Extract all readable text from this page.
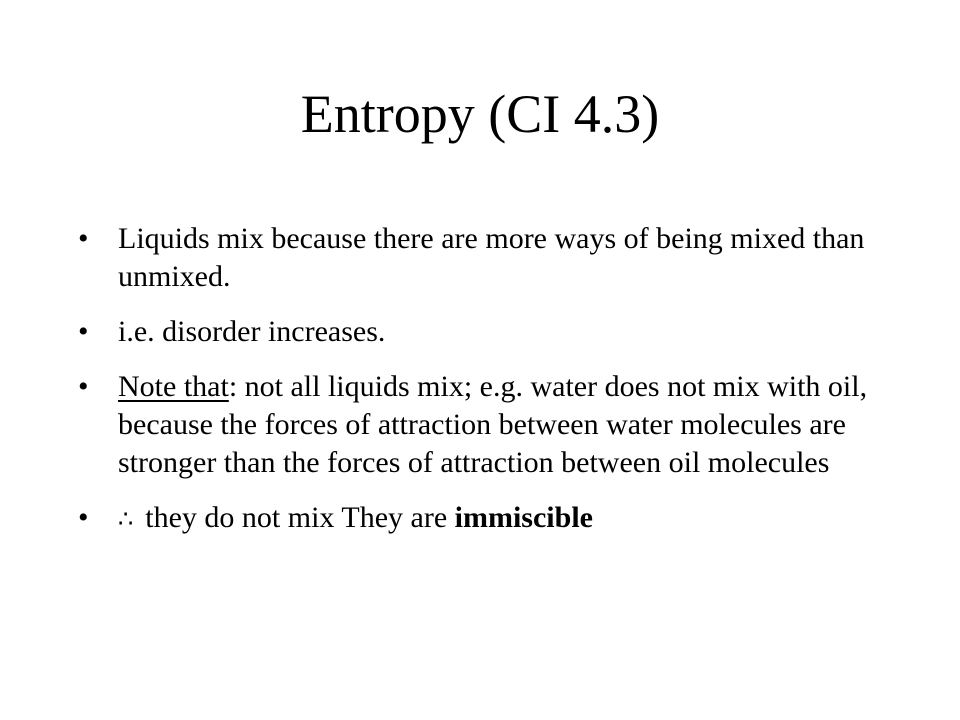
Entropy (CI 4.3)
• Liquids mix because there are more ways of being mixed than unmixed.
• i.e. disorder increases.
• Note that: not all liquids mix; e.g. water does not mix with oil, because the forces of attraction between water molecules are stronger than the forces of attraction between oil molecules
•	∴ they do not mix They are immiscible
